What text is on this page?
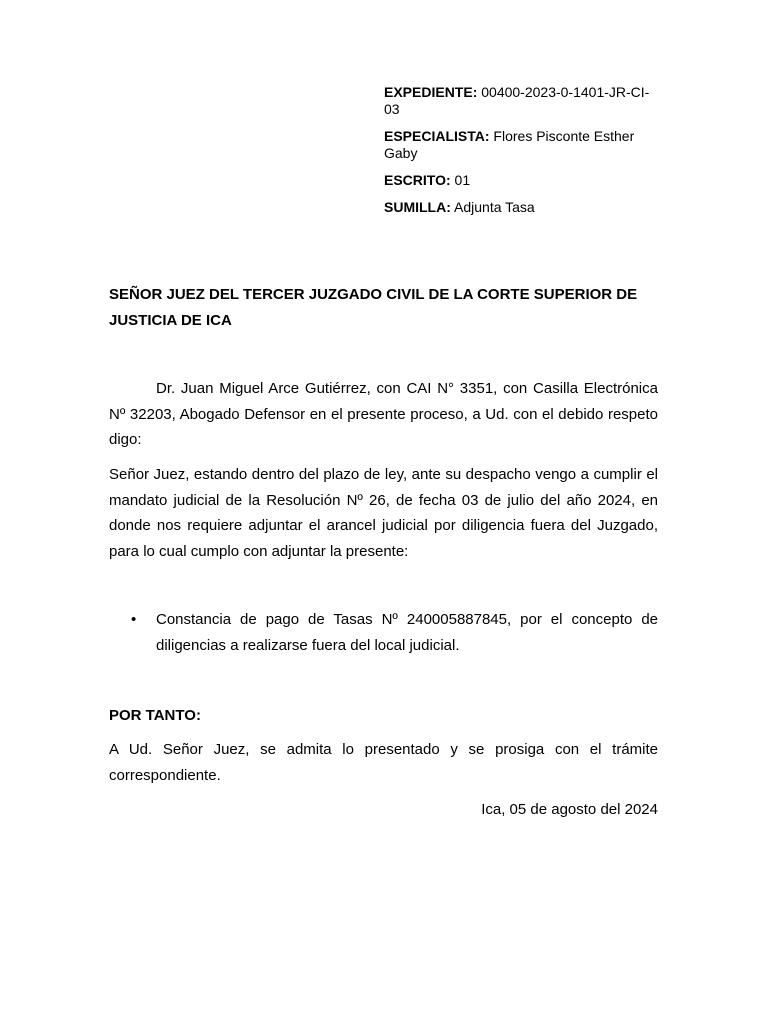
EXPEDIENTE: 00400-2023-0-1401-JR-CI-03
ESPECIALISTA: Flores Pisconte Esther Gaby
ESCRITO: 01
SUMILLA: Adjunta Tasa

SEÑOR JUEZ DEL TERCER JUZGADO CIVIL DE LA CORTE SUPERIOR DE JUSTICIA DE ICA

Dr. Juan Miguel Arce Gutiérrez, con CAI N° 3351, con Casilla Electrónica Nº 32203, Abogado Defensor en el presente proceso, a Ud. con el debido respeto digo:

Señor Juez, estando dentro del plazo de ley, ante su despacho vengo a cumplir el mandato judicial de la Resolución Nº 26, de fecha 03 de julio del año 2024, en donde nos requiere adjuntar el arancel judicial por diligencia fuera del Juzgado, para lo cual cumplo con adjuntar la presente:

• Constancia de pago de Tasas Nº 240005887845, por el concepto de diligencias a realizarse fuera del local judicial.

POR TANTO:

A Ud. Señor Juez, se admita lo presentado y se prosiga con el trámite correspondiente.

Ica, 05 de agosto del 2024
